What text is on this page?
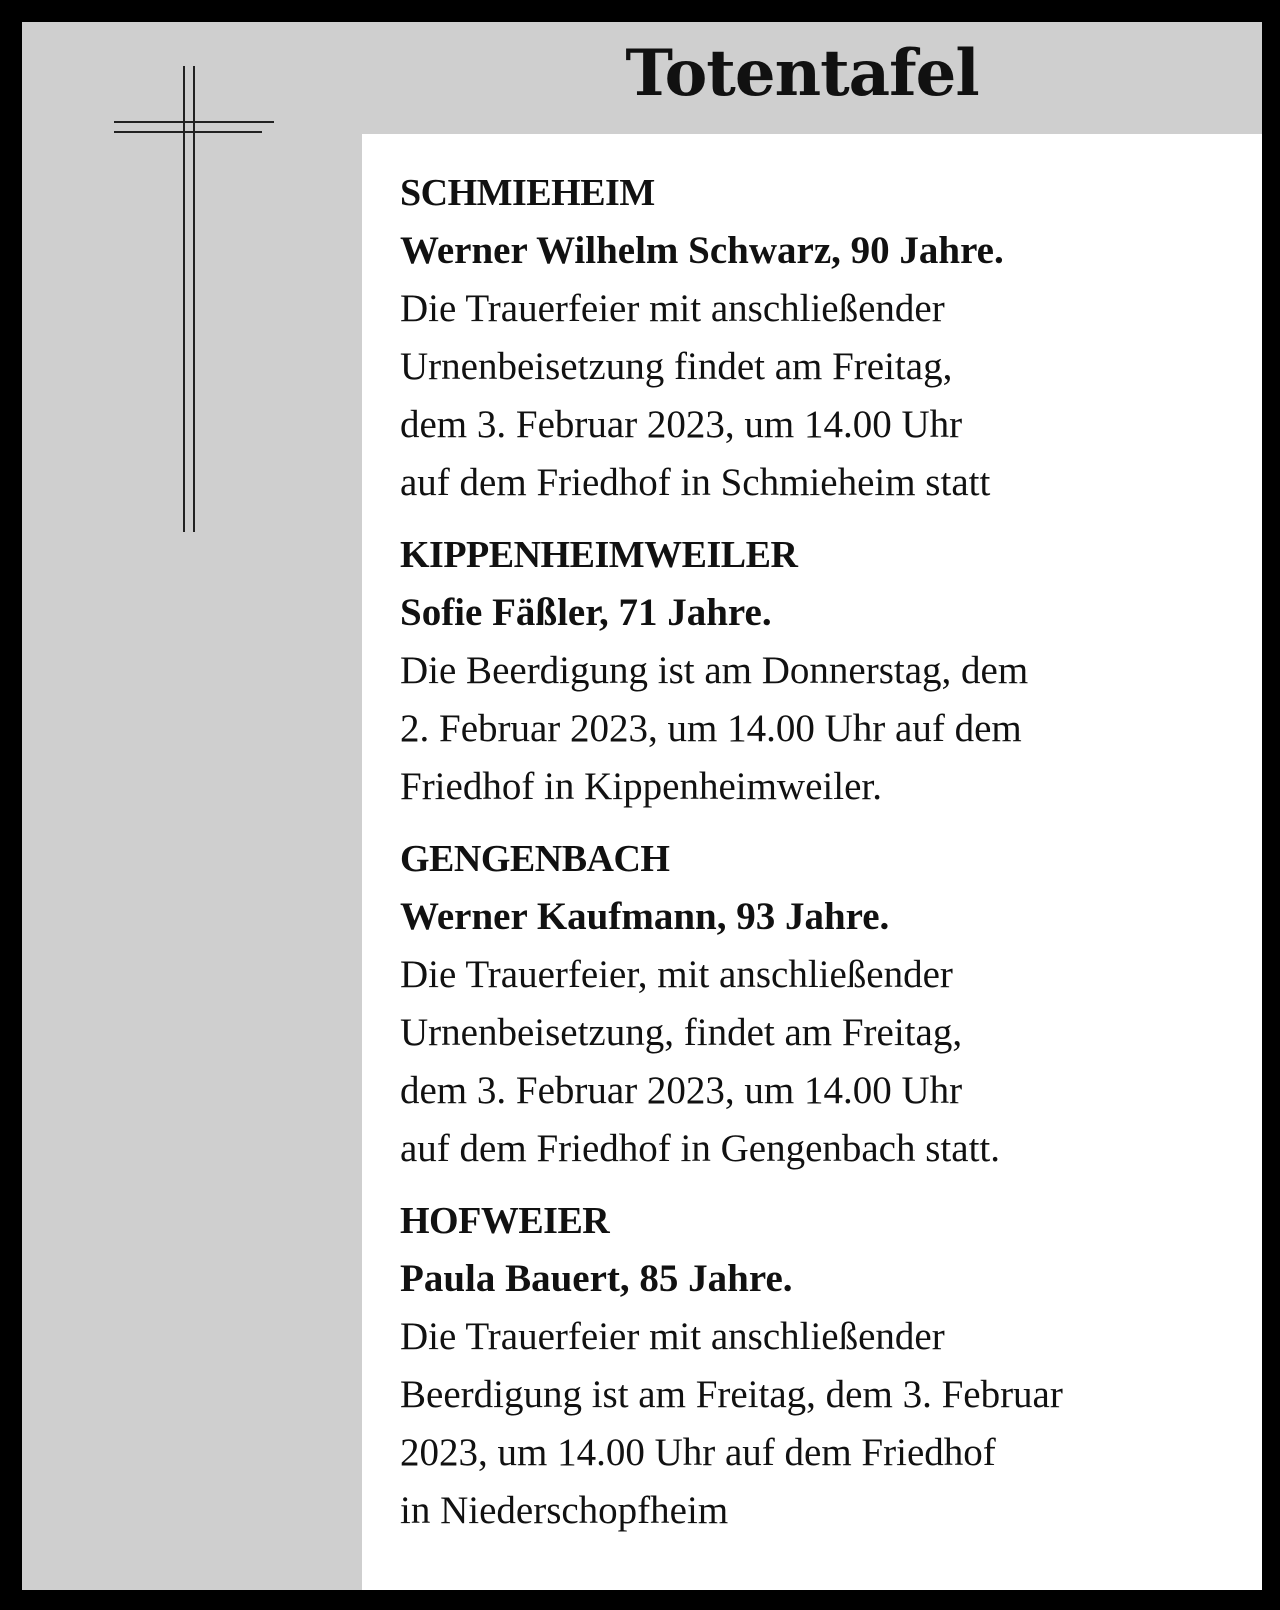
Totentafel
SCHMIEHEIM
Werner Wilhelm Schwarz, 90 Jahre.
Die Trauerfeier mit anschließender
Urnenbeisetzung findet am Freitag,
dem 3. Februar 2023, um 14.00 Uhr
auf dem Friedhof in Schmieheim statt
KIPPENHEIMWEILER
Sofie Fäßler, 71 Jahre.
Die Beerdigung ist am Donnerstag, dem
2. Februar 2023, um 14.00 Uhr auf dem
Friedhof in Kippenheimweiler.
GENGENBACH
Werner Kaufmann, 93 Jahre.
Die Trauerfeier, mit anschließender
Urnenbeisetzung, findet am Freitag,
dem 3. Februar 2023, um 14.00 Uhr
auf dem Friedhof in Gengenbach statt.
HOFWEIER
Paula Bauert, 85 Jahre.
Die Trauerfeier mit anschließender
Beerdigung ist am Freitag, dem 3. Februar
2023, um 14.00 Uhr auf dem Friedhof
in Niederschopfheim
